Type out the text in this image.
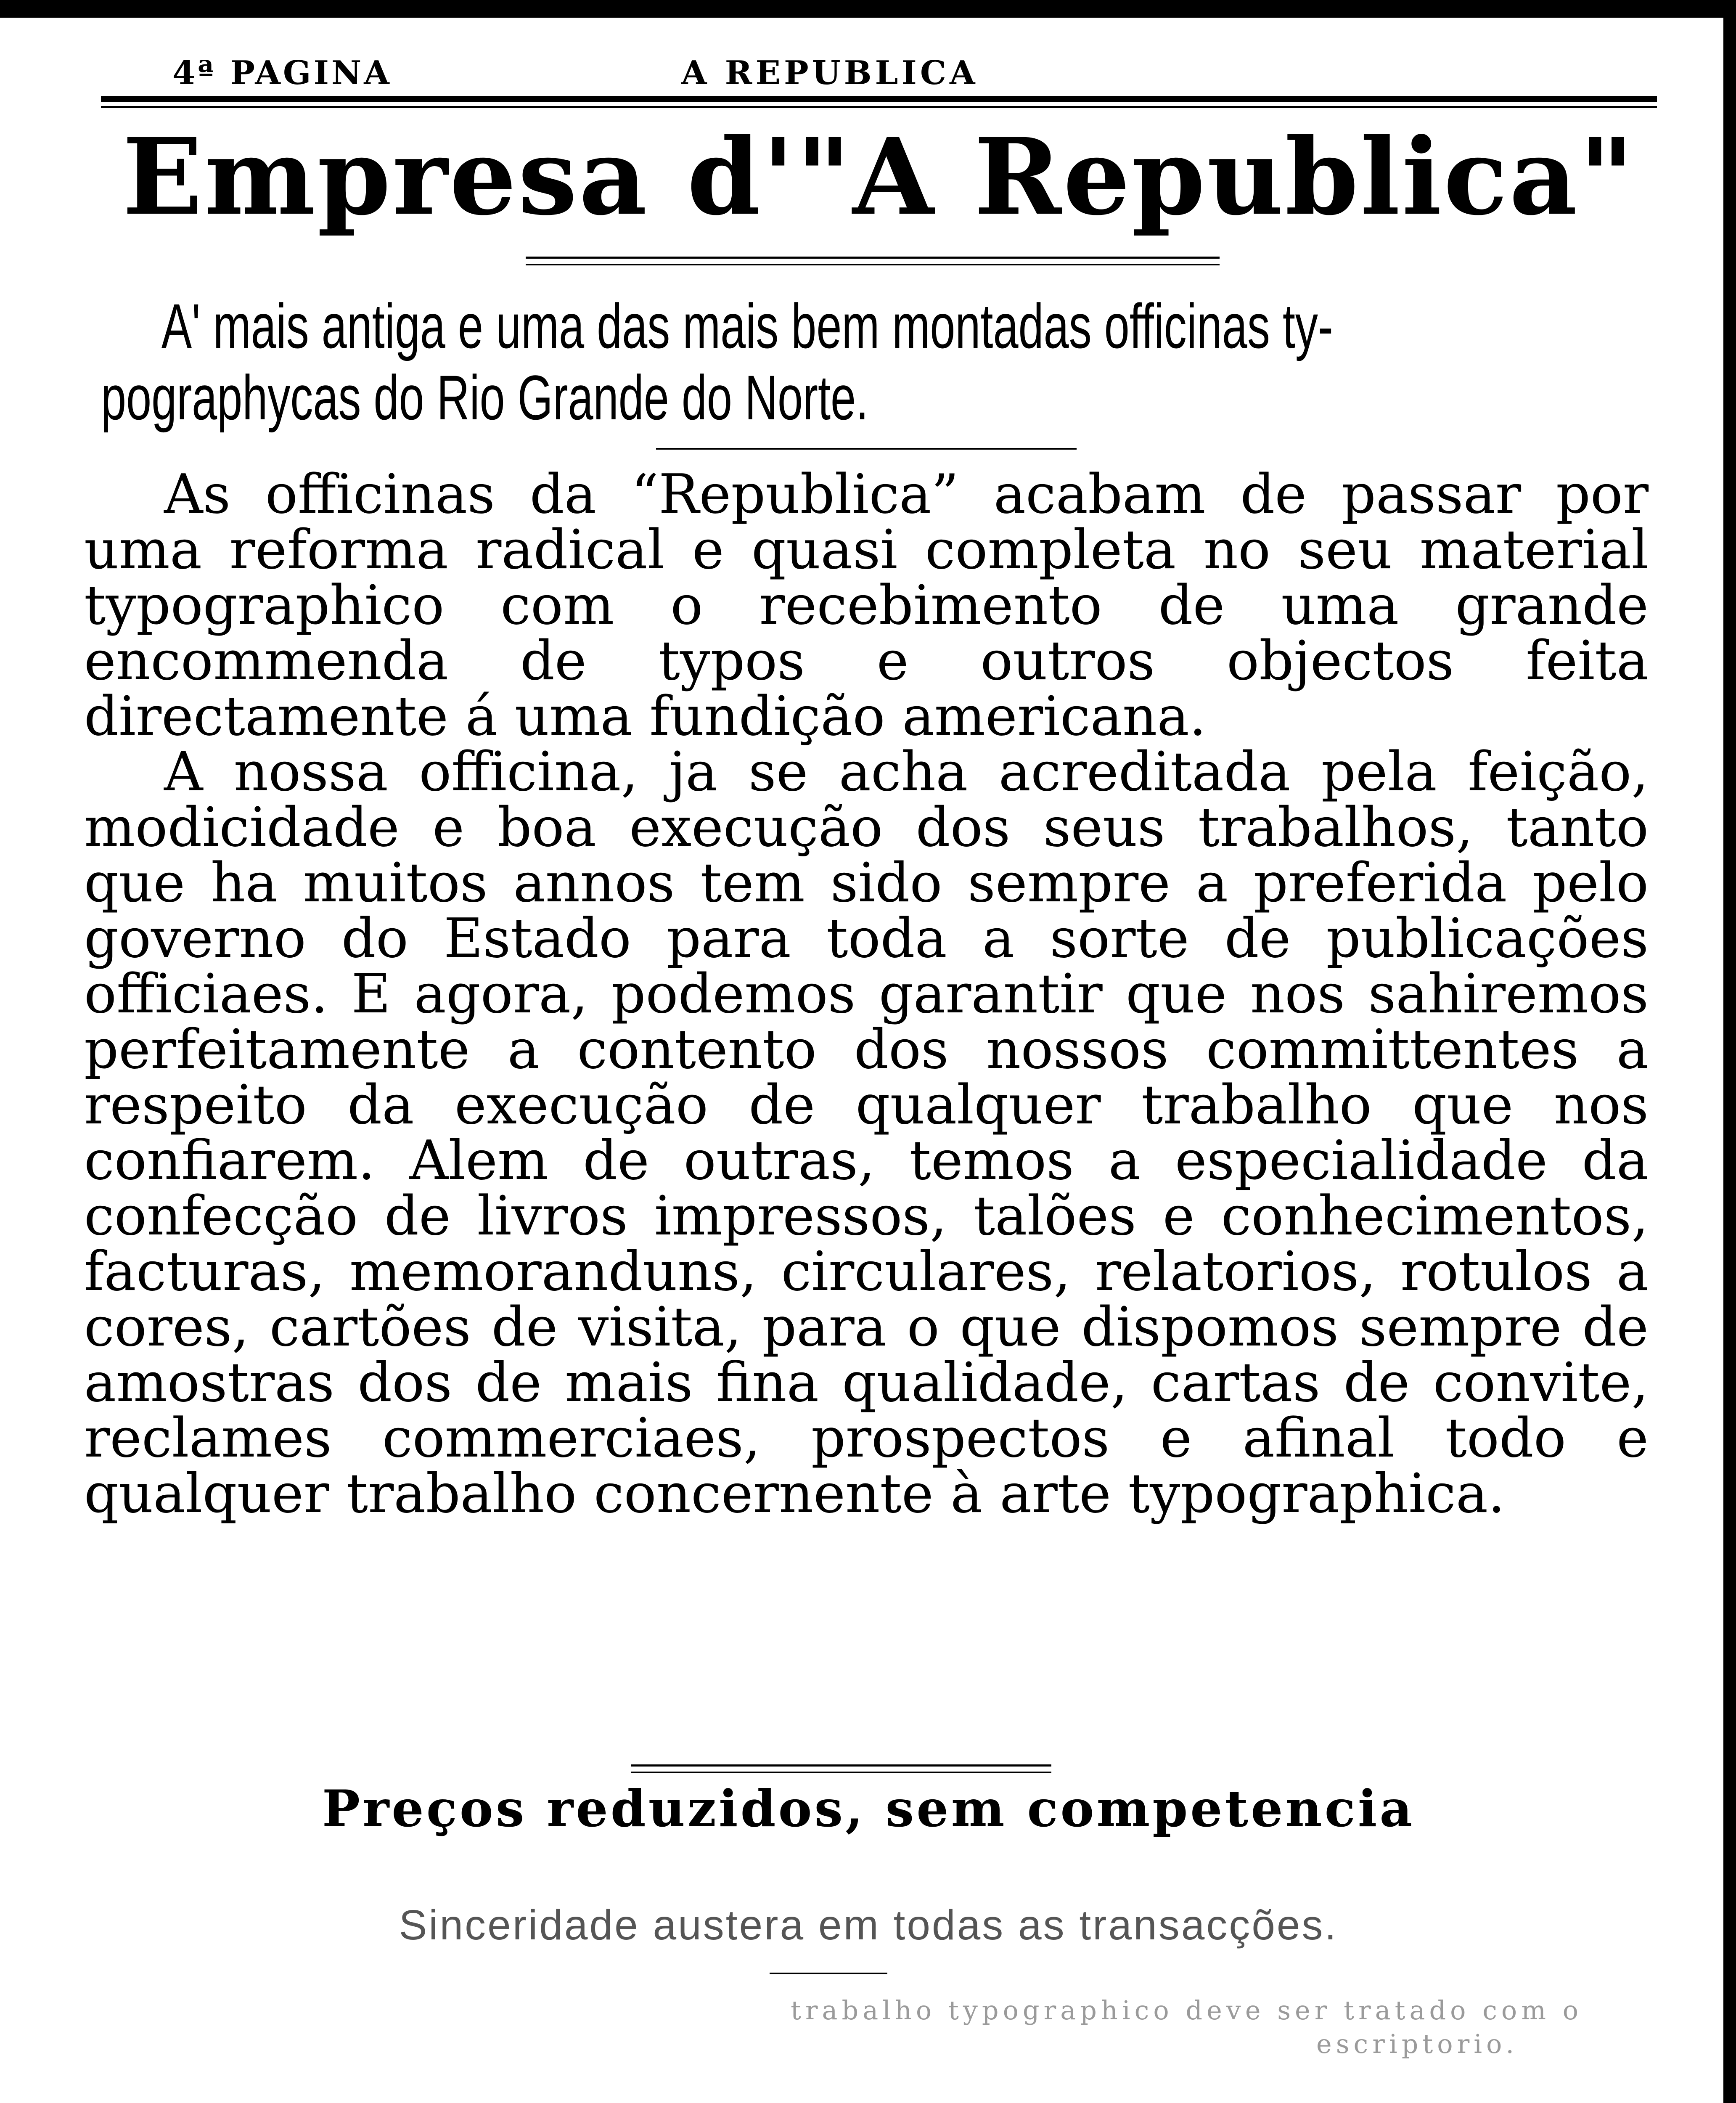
4ª PAGINA	A REPUBLICA
Empresa d'"A Republica"
A' mais antiga e uma das mais bem montadas officinas ty-
pographycas do Rio Grande do Norte.

As officinas da “Republica” acabam de passar por uma reforma radical e quasi completa no seu material typographico com o recebimento de uma grande encommenda de typos e outros objectos feita directamente á uma fundição americana.

A nossa officina, ja se acha acreditada pela feição, modicidade e boa execução dos seus trabalhos, tanto que ha muitos annos tem sido sempre a preferida pelo governo do Estado para toda a sorte de publicações officiaes. E agora, podemos garantir que nos sahiremos perfeitamente a contento dos nossos committentes a respeito da execução de qualquer trabalho que nos confiarem. Alem de outras, temos a especialidade da confecção de livros impressos, talões e conhecimentos, facturas, memoranduns, circulares, relatorios, rotulos a cores, cartões de visita, para o que dispomos sempre de amostras dos de mais fina qualidade, cartas de convite, reclames commerciaes, prospectos e afinal todo e qualquer trabalho concernente à arte typographica.

Preços reduzidos, sem competencia
Sinceridade austera em todas as transacções.
trabalho typographico deve ser tratado com o
escriptorio.
